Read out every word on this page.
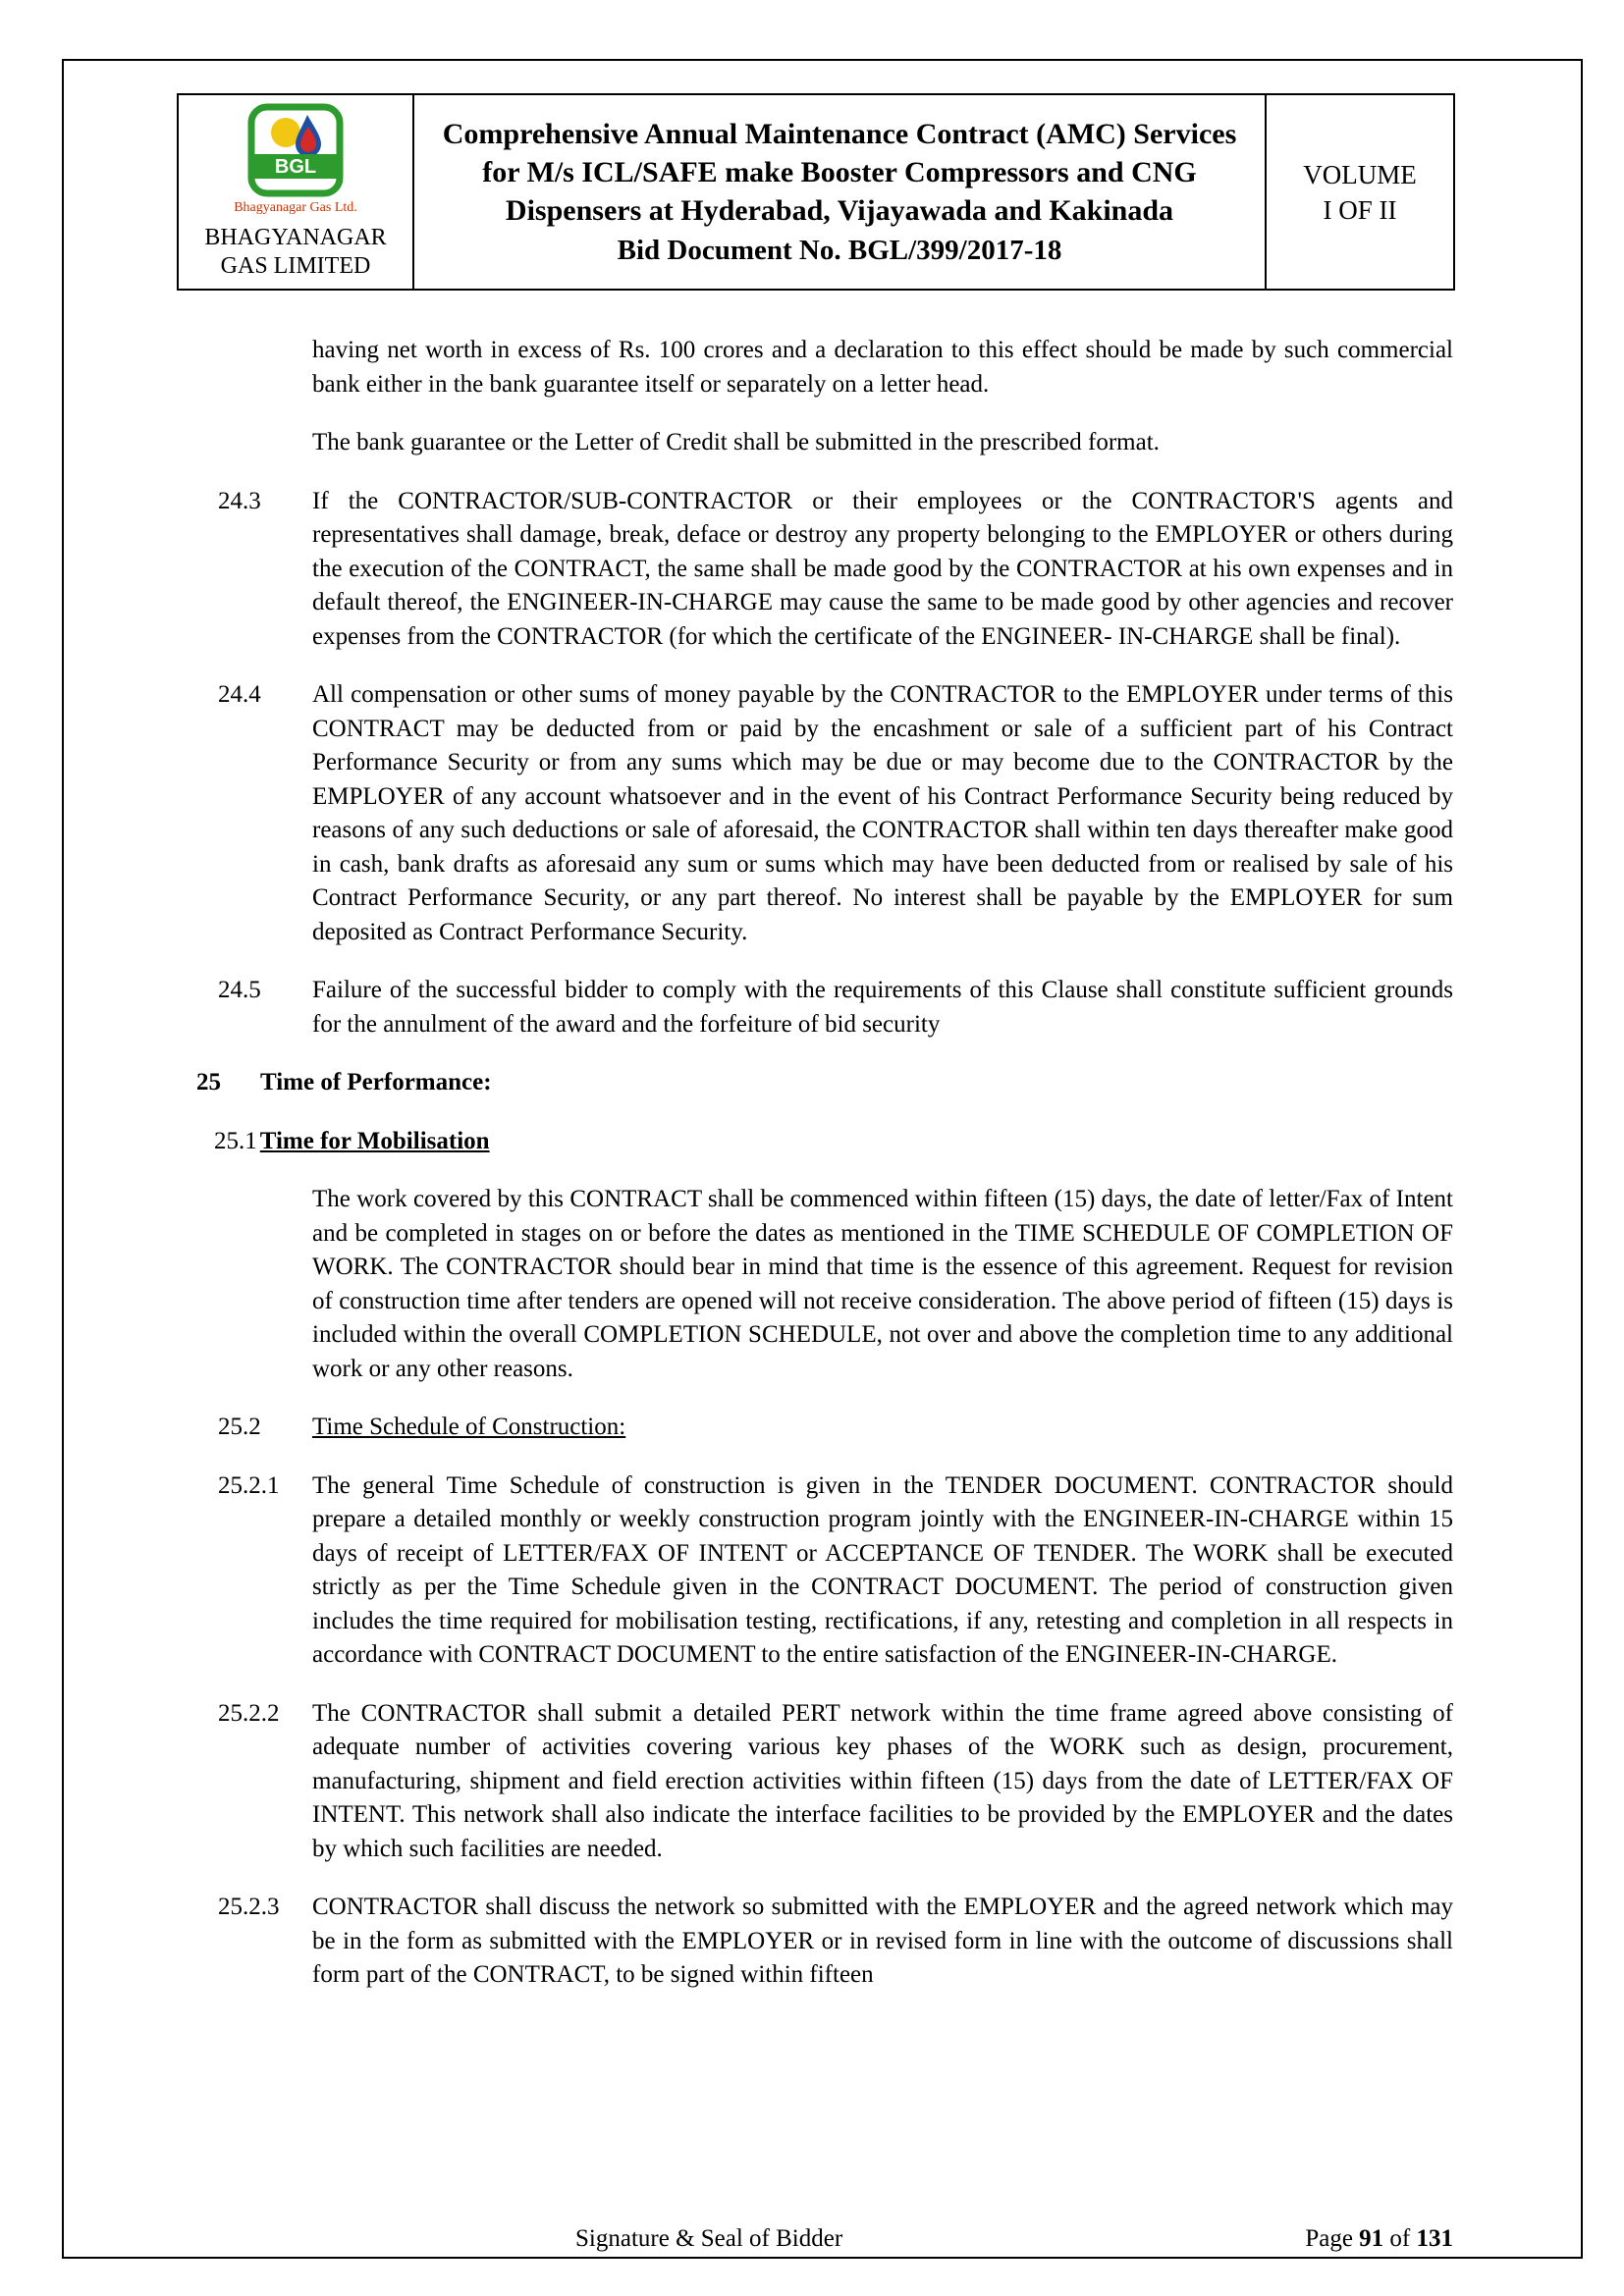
BGL
Bhagyanagar Gas Ltd.
BHAGYANAGAR
GAS LIMITED

Comprehensive Annual Maintenance Contract (AMC) Services for M/s ICL/SAFE make Booster Compressors and CNG Dispensers at Hyderabad, Vijayawada and Kakinada
Bid Document No. BGL/399/2017-18

VOLUME
I OF II

having net worth in excess of Rs. 100 crores and a declaration to this effect should be made by such commercial bank either in the bank guarantee itself or separately on a letter head.

The bank guarantee or the Letter of Credit shall be submitted in the prescribed format.

24.3	If the CONTRACTOR/SUB-CONTRACTOR or their employees or the CONTRACTOR'S agents and representatives shall damage, break, deface or destroy any property belonging to the EMPLOYER or others during the execution of the CONTRACT, the same shall be made good by the CONTRACTOR at his own expenses and in default thereof, the ENGINEER-IN-CHARGE may cause the same to be made good by other agencies and recover expenses from the CONTRACTOR (for which the certificate of the ENGINEER- IN-CHARGE shall be final).
24.4	All compensation or other sums of money payable by the CONTRACTOR to the EMPLOYER under terms of this CONTRACT may be deducted from or paid by the encashment or sale of a sufficient part of his Contract Performance Security or from any sums which may be due or may become due to the CONTRACTOR by the EMPLOYER of any account whatsoever and in the event of his Contract Performance Security being reduced by reasons of any such deductions or sale of aforesaid, the CONTRACTOR shall within ten days thereafter make good in cash, bank drafts as aforesaid any sum or sums which may have been deducted from or realised by sale of his Contract Performance Security, or any part thereof. No interest shall be payable by the EMPLOYER for sum deposited as Contract Performance Security.
24.5	Failure of the successful bidder to comply with the requirements of this Clause shall constitute sufficient grounds for the annulment of the award and the forfeiture of bid security
25 Time of Performance:
25.1 Time for Mobilisation

The work covered by this CONTRACT shall be commenced within fifteen (15) days, the date of letter/Fax of Intent and be completed in stages on or before the dates as mentioned in the TIME SCHEDULE OF COMPLETION OF WORK. The CONTRACTOR should bear in mind that time is the essence of this agreement. Request for revision of construction time after tenders are opened will not receive consideration. The above period of fifteen (15) days is included within the overall COMPLETION SCHEDULE, not over and above the completion time to any additional work or any other reasons.

25.2	Time Schedule of Construction:
25.2.1	The general Time Schedule of construction is given in the TENDER DOCUMENT. CONTRACTOR should prepare a detailed monthly or weekly construction program jointly with the ENGINEER-IN-CHARGE within 15 days of receipt of LETTER/FAX OF INTENT or ACCEPTANCE OF TENDER. The WORK shall be executed strictly as per the Time Schedule given in the CONTRACT DOCUMENT. The period of construction given includes the time required for mobilisation testing, rectifications, if any, retesting and completion in all respects in accordance with CONTRACT DOCUMENT to the entire satisfaction of the ENGINEER-IN-CHARGE.
25.2.2	The CONTRACTOR shall submit a detailed PERT network within the time frame agreed above consisting of adequate number of activities covering various key phases of the WORK such as design, procurement, manufacturing, shipment and field erection activities within fifteen (15) days from the date of LETTER/FAX OF INTENT. This network shall also indicate the interface facilities to be provided by the EMPLOYER and the dates by which such facilities are needed.
25.2.3	CONTRACTOR shall discuss the network so submitted with the EMPLOYER and the agreed network which may be in the form as submitted with the EMPLOYER or in revised form in line with the outcome of discussions shall form part of the CONTRACT, to be signed within fifteen
Signature & Seal of Bidder	Page 91 of 131
